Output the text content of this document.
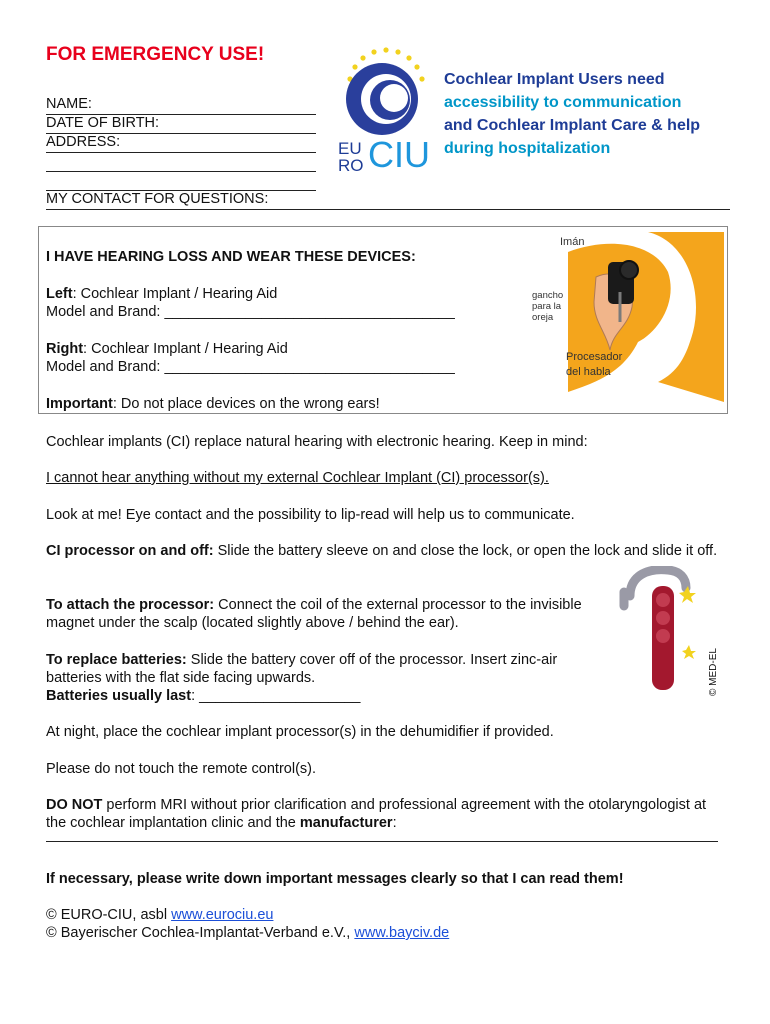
FOR EMERGENCY USE!
NAME:
DATE OF BIRTH:
ADDRESS:
MY CONTACT FOR QUESTIONS:
EU
RO CIU
Cochlear Implant Users need
accessibility to communication
and Cochlear Implant Care & help
during hospitalization
I HAVE HEARING LOSS AND WEAR THESE DEVICES:
Left: Cochlear Implant / Hearing Aid
Model and Brand: ____________________________________
Right: Cochlear Implant / Hearing Aid
Model and Brand: ____________________________________
Important: Do not place devices on the wrong ears!
Imán
gancho
para la
oreja
Procesador
del habla
Cochlear implants (CI) replace natural hearing with electronic hearing. Keep in mind:
I cannot hear anything without my external Cochlear Implant (CI) processor(s).
Look at me! Eye contact and the possibility to lip-read will help us to communicate.
CI processor on and off: Slide the battery sleeve on and close the lock, or open the lock and slide it off.
To attach the processor: Connect the coil of the external processor to the invisible magnet under the scalp (located slightly above / behind the ear).
To replace batteries: Slide the battery cover off of the processor. Insert zinc-air batteries with the flat side facing upwards.
Batteries usually last: ____________________	© MED-EL
At night, place the cochlear implant processor(s) in the dehumidifier if provided.
Please do not touch the remote control(s).
DO NOT perform MRI without prior clarification and professional agreement with the otolaryngologist at the cochlear implantation clinic and the manufacturer:
If necessary, please write down important messages clearly so that I can read them!
© EURO-CIU, asbl www.eurociu.eu
© Bayerischer Cochlea-Implantat-Verband e.V., www.bayciv.de
